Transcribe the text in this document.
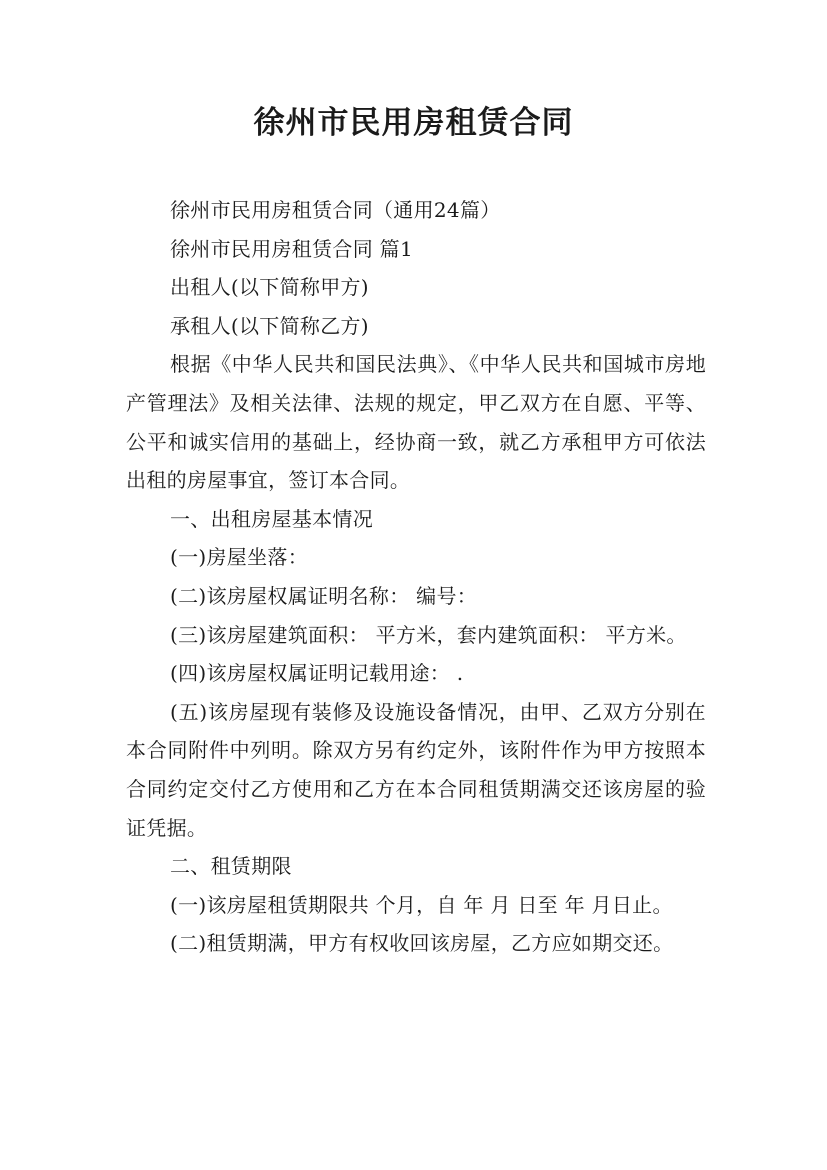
徐州市民用房租赁合同

徐州市民用房租赁合同（通用24篇）

徐州市民用房租赁合同 篇1

出租人(以下简称甲方)

承租人(以下简称乙方)

根据《中华人民共和国民法典》、《中华人民共和国城市房地产管理法》及相关法律、法规的规定，甲乙双方在自愿、平等、公平和诚实信用的基础上，经协商一致，就乙方承租甲方可依法出租的房屋事宜，签订本合同。

一、出租房屋基本情况

(一)房屋坐落：

(二)该房屋权属证明名称： 编号：

(三)该房屋建筑面积： 平方米，套内建筑面积： 平方米。

(四)该房屋权属证明记载用途： .

(五)该房屋现有装修及设施设备情况，由甲、乙双方分别在本合同附件中列明。除双方另有约定外，该附件作为甲方按照本合同约定交付乙方使用和乙方在本合同租赁期满交还该房屋的验证凭据。

二、租赁期限

(一)该房屋租赁期限共 个月，自 年 月 日至 年 月日止。

(二)租赁期满，甲方有权收回该房屋，乙方应如期交还。
